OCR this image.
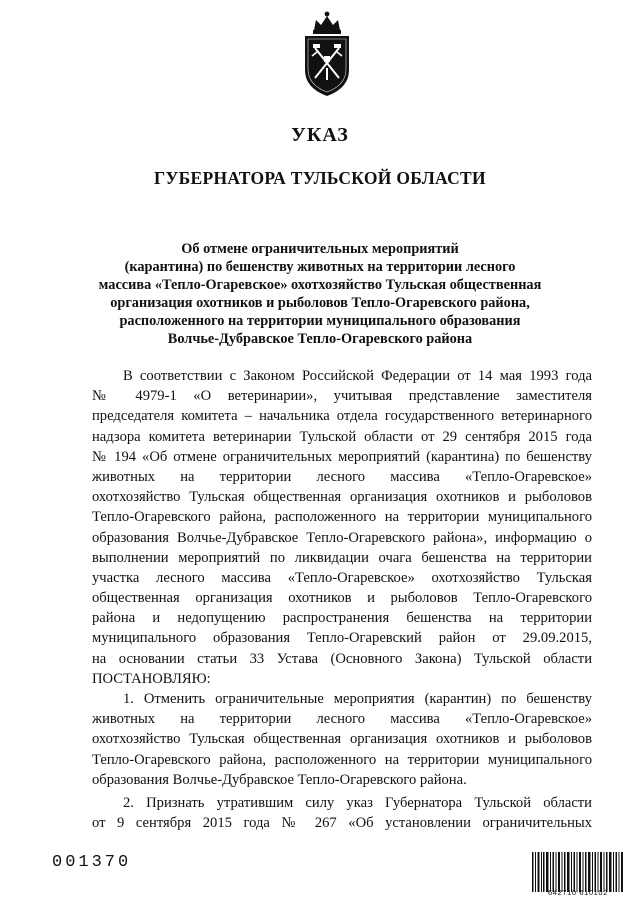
УКАЗ
ГУБЕРНАТОРА ТУЛЬСКОЙ ОБЛАСТИ
Об отмене ограничительных мероприятий
(карантина) по бешенству животных на территории лесного
массива «Тепло-Огаревское» охотхозяйство Тульская общественная
организация охотников и рыболовов Тепло-Огаревского района,
расположенного на территории муниципального образования
Волчье-Дубравское Тепло-Огаревского района
В соответствии с Законом Российской Федерации от 14 мая 1993 года
№ 4979-1 «О ветеринарии», учитывая представление заместителя
председателя комитета – начальника отдела государственного ветеринарного
надзора комитета ветеринарии Тульской области от 29 сентября 2015 года
№ 194 «Об отмене ограничительных мероприятий (карантина) по бешенству
животных на территории лесного массива «Тепло-Огаревское»
охотхозяйство Тульская общественная организация охотников и рыболовов
Тепло-Огаревского района, расположенного на территории муниципального
образования Волчье-Дубравское Тепло-Огаревского района», информацию о
выполнении мероприятий по ликвидации очага бешенства на территории
участка лесного массива «Тепло-Огаревское» охотхозяйство Тульская
общественная организация охотников и рыболовов Тепло-Огаревского
района и недопущению распространения бешенства на территории
муниципального образования Тепло-Огаревский район от 29.09.2015,
на основании статьи 33 Устава (Основного Закона) Тульской области
ПОСТАНОВЛЯЮ:
1. Отменить ограничительные мероприятия (карантин) по бешенству
животных на территории лесного массива «Тепло-Огаревское»
охотхозяйство Тульская общественная организация охотников и рыболовов
Тепло-Огаревского района, расположенного на территории муниципального
образования Волчье-Дубравское Тепло-Огаревского района.
2. Признать утратившим силу указ Губернатора Тульской области
от 9 сентября 2015 года № 267 «Об установлении ограничительных
001370
642710 610102
